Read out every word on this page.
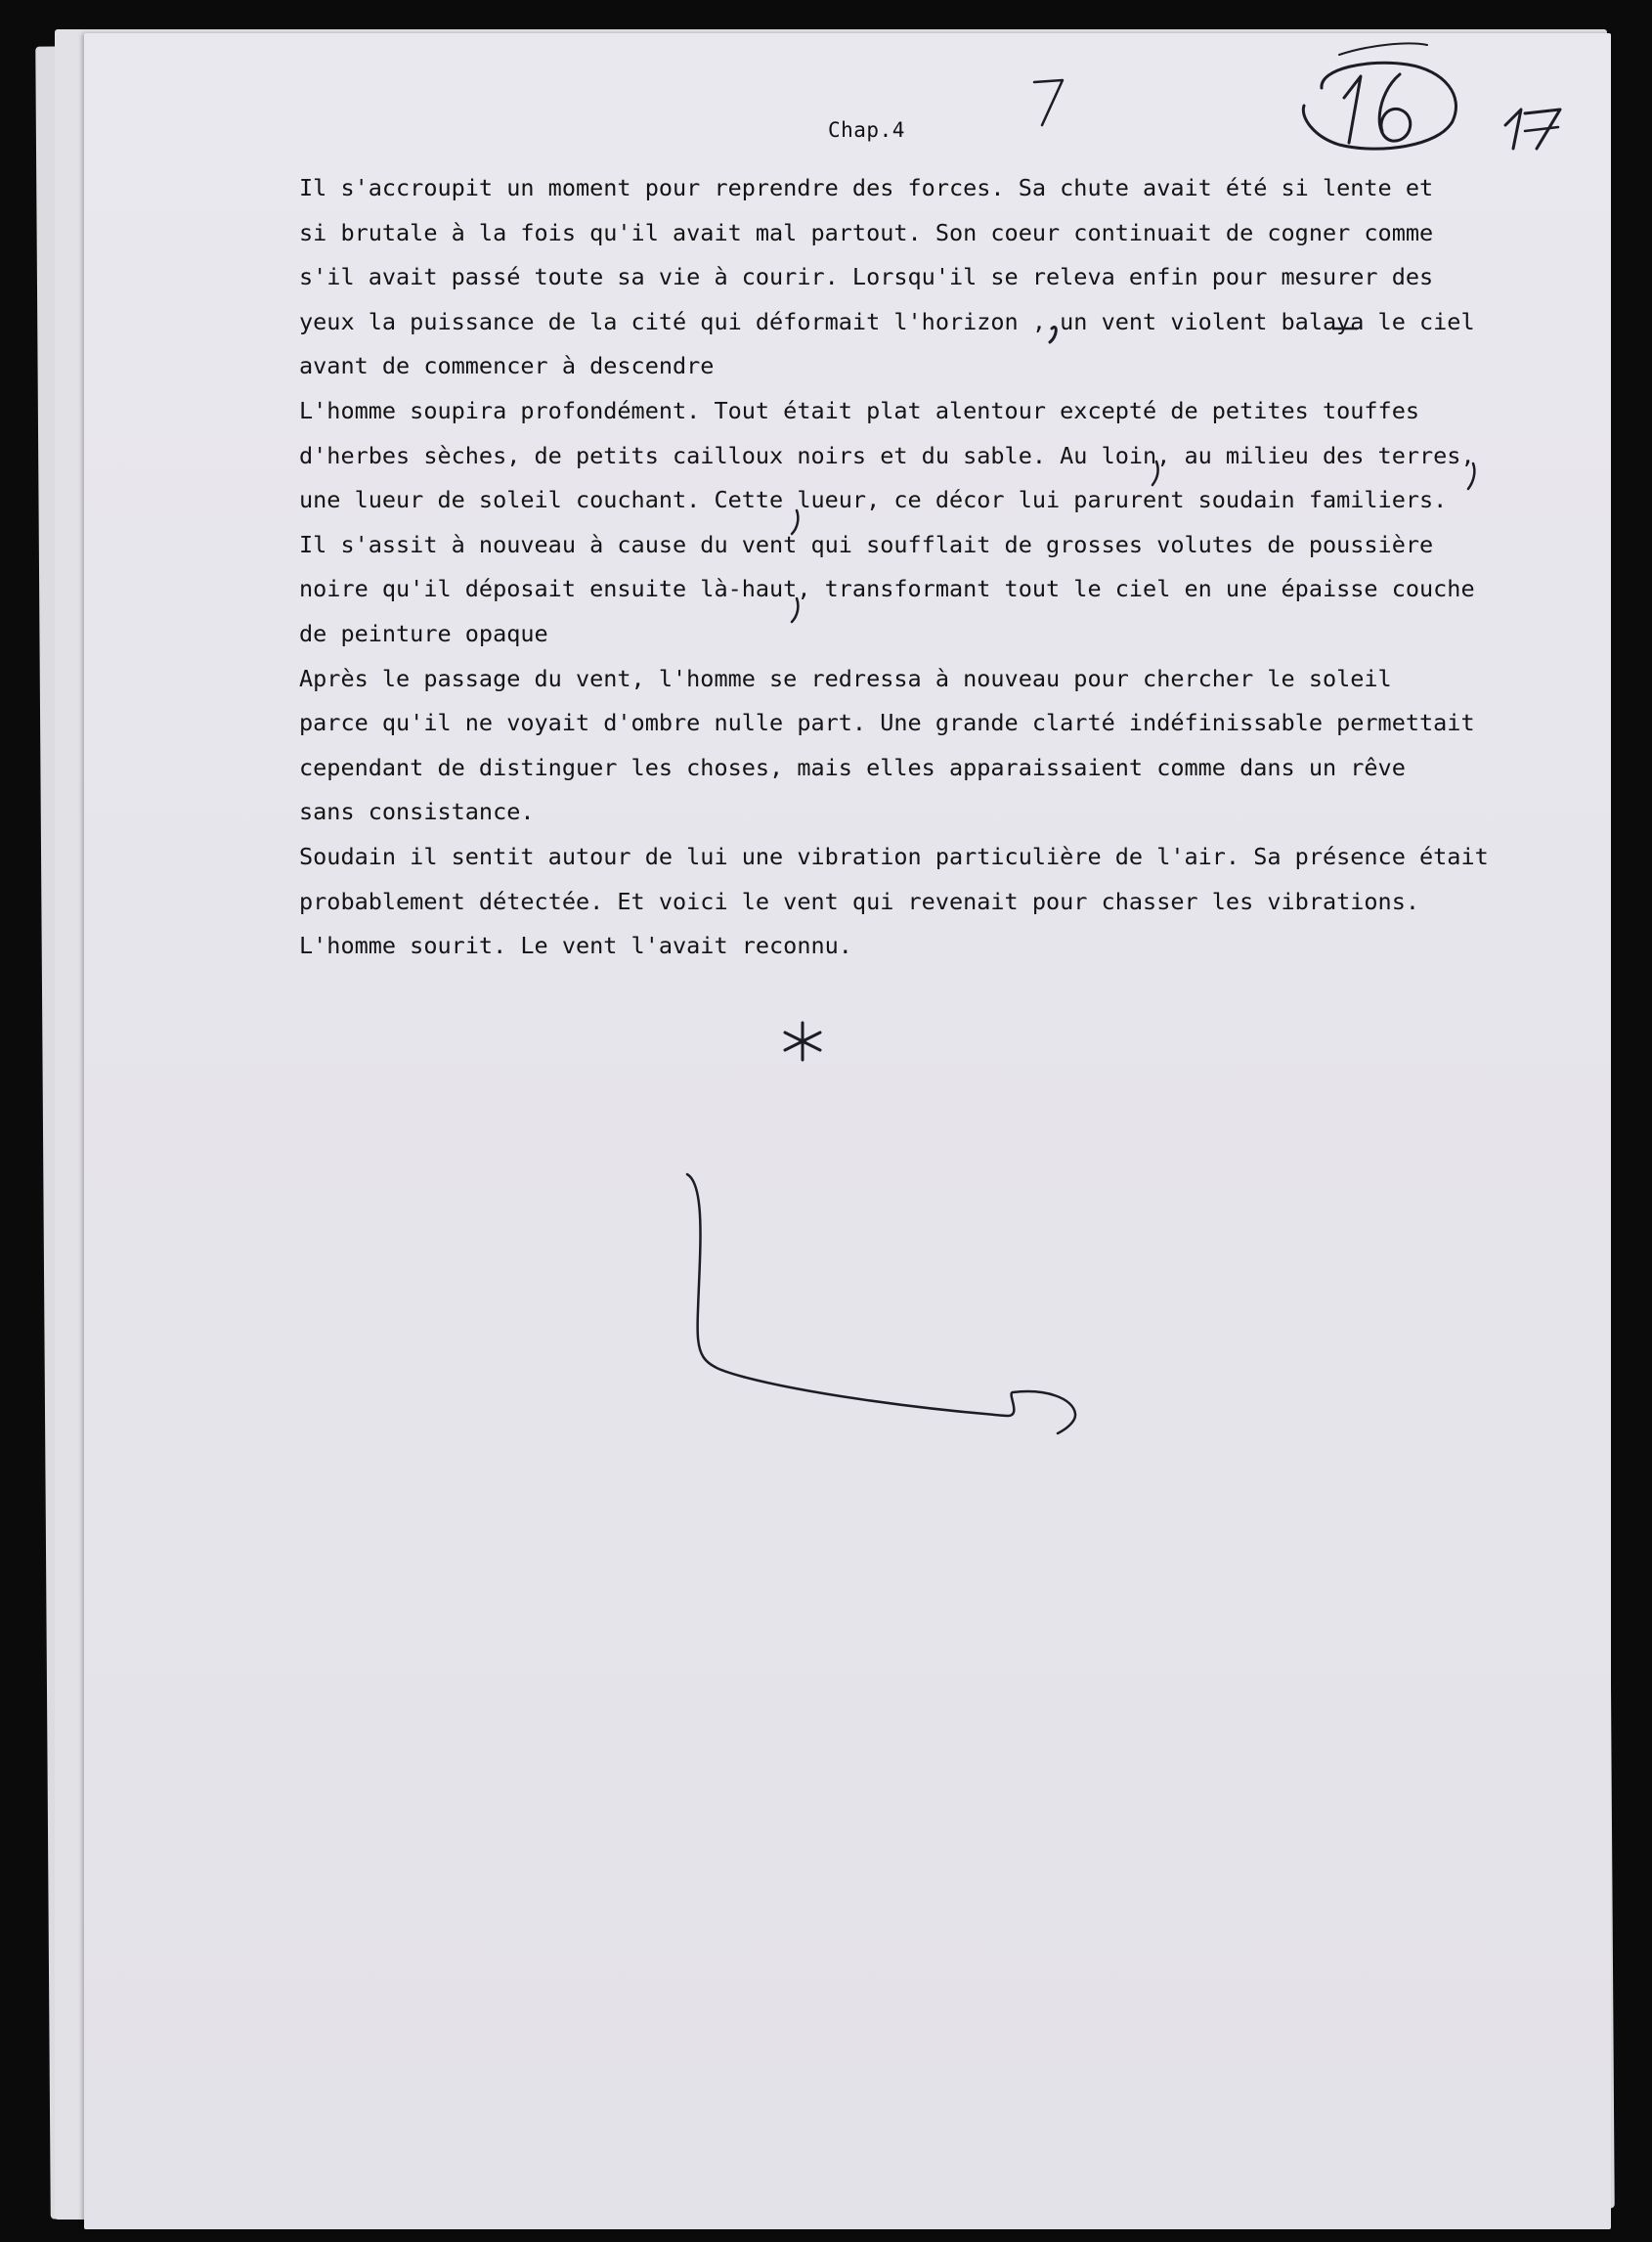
Chap.4

Il s'accroupit un moment pour reprendre des forces. Sa chute avait été si lente et

si brutale à la fois qu'il avait mal partout. Son coeur continuait de cogner comme

s'il avait passé toute sa vie à courir. Lorsqu'il se releva enfin pour mesurer des

yeux la puissance de la cité qui déformait l'horizon , un vent violent balaya le ciel

avant de commencer à descendre

L'homme soupira profondément. Tout était plat alentour excepté de petites touffes

d'herbes sèches, de petits cailloux noirs et du sable. Au loin, au milieu des terres,

une lueur de soleil couchant. Cette lueur, ce décor lui parurent soudain familiers.

Il s'assit à nouveau à cause du vent qui soufflait de grosses volutes de poussière

noire qu'il déposait ensuite là-haut, transformant tout le ciel en une épaisse couche

de peinture opaque

Après le passage du vent, l'homme se redressa à nouveau pour chercher le soleil

parce qu'il ne voyait d'ombre nulle part. Une grande clarté indéfinissable permettait

cependant de distinguer les choses, mais elles apparaissaient comme dans un rêve

sans consistance.

Soudain il sentit autour de lui une vibration particulière de l'air. Sa présence était

probablement détectée. Et voici le vent qui revenait pour chasser les vibrations.

L'homme sourit. Le vent l'avait reconnu.
